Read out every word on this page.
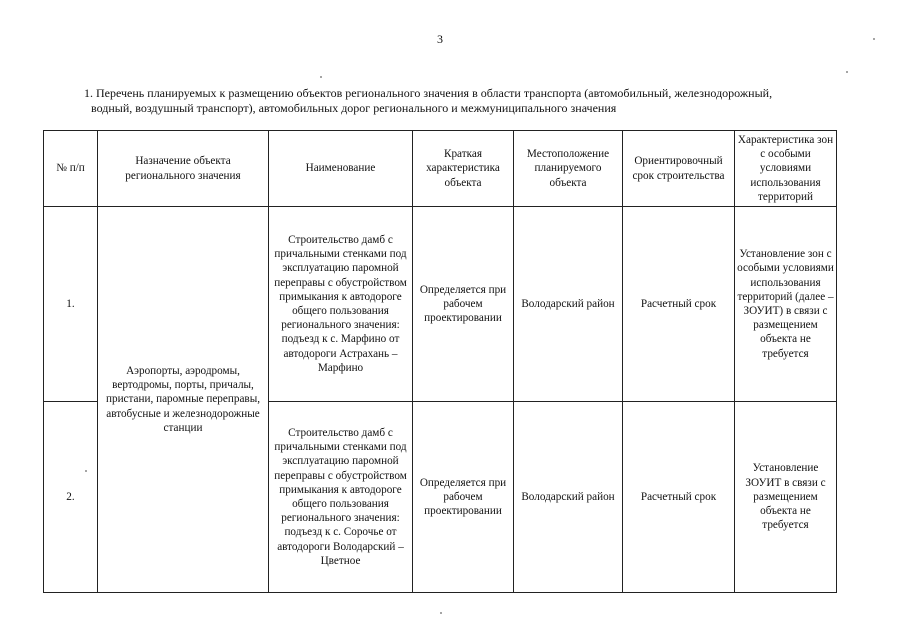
3
1. Перечень планируемых к размещению объектов регионального значения в области транспорта (автомобильный, железнодорожный,
водный, воздушный транспорт), автомобильных дорог регионального и межмуниципального значения
№ п/п	Назначение объекта регионального значения	Наименование	Краткая характеристика объекта	Местоположение планируемого объекта	Ориентировочный срок строительства	Характеристика зон с особыми условиями использования территорий
1.	Аэропорты, аэродромы, вертодромы, порты, причалы, пристани, паромные переправы, автобусные и железнодорожные станции	Строительство дамб с причальными стенками под эксплуатацию паромной переправы с обустройством примыкания к автодороге общего пользования регионального значения: подъезд к с. Марфино от автодороги Астрахань – Марфино	Определяется при рабочем проектировании	Володарский район	Расчетный срок	Установление зон с особыми условиями использования территорий (далее – ЗОУИТ) в связи с размещением объекта не требуется
2.		Строительство дамб с причальными стенками под эксплуатацию паромной переправы с обустройством примыкания к автодороге общего пользования регионального значения: подъезд к с. Сорочье от автодороги Володарский – Цветное	Определяется при рабочем проектировании	Володарский район	Расчетный срок	Установление ЗОУИТ в связи с размещением объекта не требуется
